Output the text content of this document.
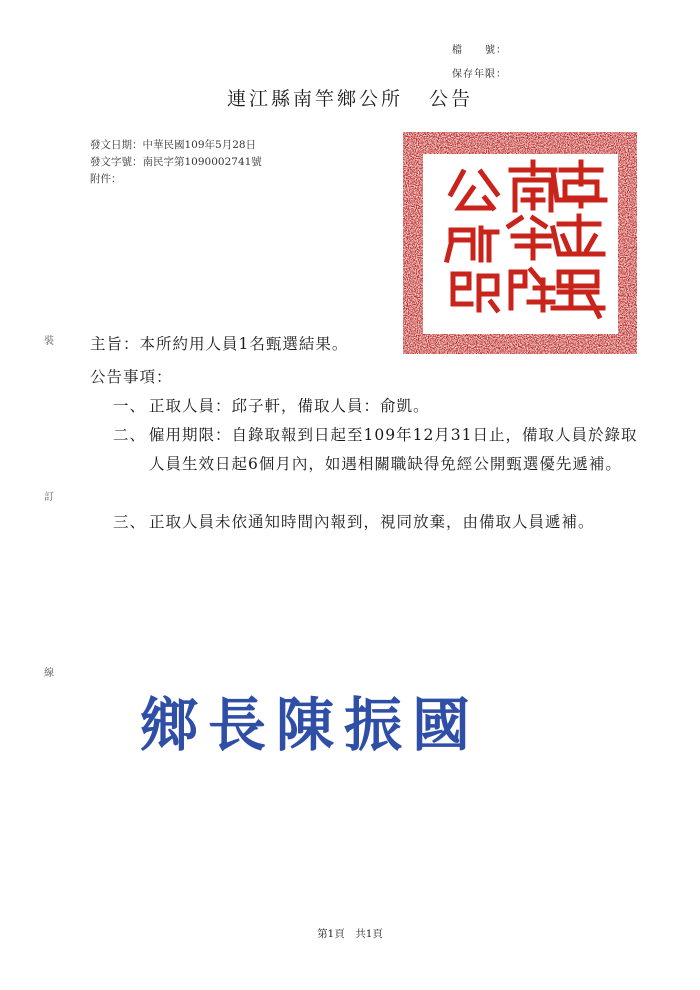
檔　　號：
保存年限：
連江縣南竿鄉公所 公告
發文日期：中華民國109年5月28日
發文字號：南民字第1090002741號
附件：
裝
訂
線
主旨：本所約用人員1名甄選結果。
公告事項：
一、 正取人員：邱子軒，備取人員：俞凱。
二、 僱用期限：自錄取報到日起至109年12月31日止，備取人員於錄取人員生效日起6個月內，如遇相關職缺得免經公開甄選優先遞補。
三、 正取人員未依通知時間內報到，視同放棄，由備取人員遞補。
鄉長陳振國
第1頁　共1頁
